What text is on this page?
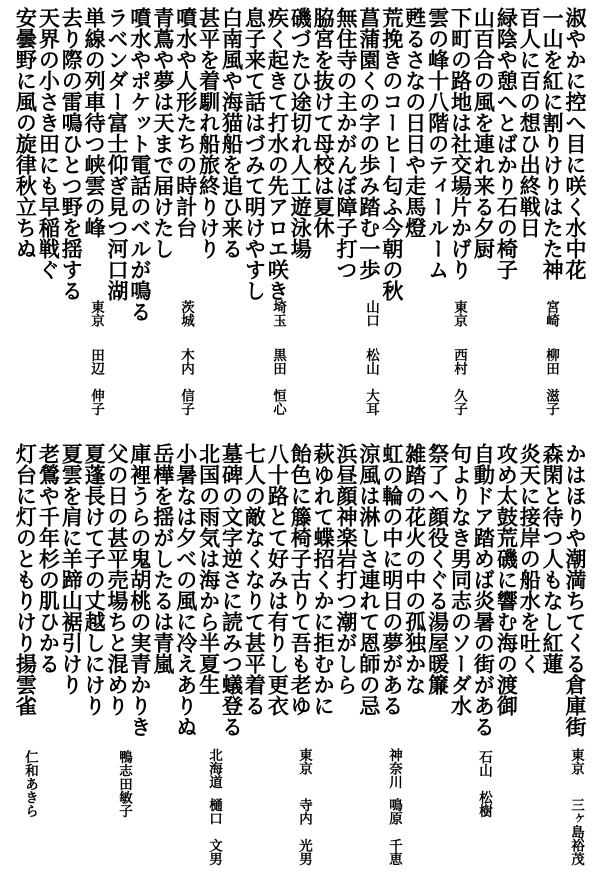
淑やかに控へ目に咲く水中花
一山を紅に割りけりはたた神
百人に百の想ひ出終戦日
緑陰や憩へとばかり石の椅子
山百合の風を連れ来る夕厨
下町の路地は社交場片かげり
雲の峰十八階のティールーム
甦るさなの日日や走馬燈
荒挽きのコーヒー匂ふ今朝の秋
菖蒲園くの字の歩み踏む一歩
無住寺の主かがんぼ障子打つ
脇宮を抜けて母校は夏休
磯づたひ途切れ人工遊泳場
疾く起きて打水の先アロエ咲き
息子来て話はづみて明けやすし
白南風や海猫船を追ひ来る
甚平を着馴れ船旅終りけり
噴水や人形たちの時計台
青蔦や夢は天まで届けたし
噴水やポケット電話のベルが鳴る
ラベンダー富士仰ぎ見つ河口湖
単線の列車待つ峡雲の峰
去り際の雷鳴ひとつ野を揺する
天界の小さき田にも早稲戦ぐ
安曇野に風の旋律秋立ちぬ
宮崎
柳田　滋子
東京
西村　久子
山口
松山　大耳
埼玉
黒田　恒心
茨城
木内　信子
東京
田辺　伸子
かはほりや潮満ちてくる倉庫街
森閑と待つ人もなし紅蓮
炎天に接岸の船水を吐く
攻め太鼓荒磯に響む海の渡御
自動ドア踏めば炎暑の街がある
句よりなき男同志のソーダ水
祭了へ顔役くぐる湯屋暖簾
雑踏の花火の中の孤独かな
虹の輪の中に明日の夢がある
涼風は淋しさ連れて恩師の忌
浜昼顔神楽岩打つ潮がしら
萩ゆれて蝶招くかに拒むかに
飴色に籐椅子古りて吾も老ゆ
八十路とて好みは有りし更衣
七人の敵なくなりて甚平着る
墓碑の文字逆さに読みつ蟻登る
北国の雨気は海から半夏生
小暑なは夕べの風に冷えありぬ
岳樺を揺がしたるは青嵐
庫裡うらの鬼胡桃の実青かりき
父の日の甚平売場ちと混めり
夏蓬長けて子の丈越しにけり
夏雲を肩に羊蹄山裾引けり
老鶯や千年杉の肌ひかる
灯台に灯のともりけり揚雲雀
東京
三ヶ島裕茂
石山　松樹
神奈川
鳴原　千恵
東京
寺内　光男
北海道
樋口　文男
鴨志田敏子
仁和あきら
